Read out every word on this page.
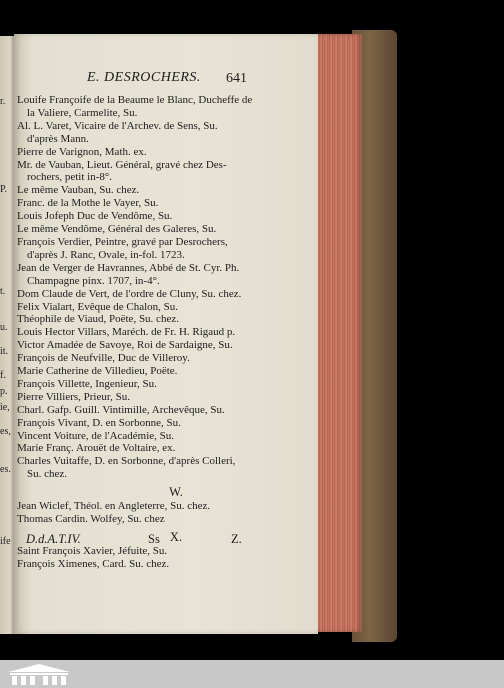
r.
P.
t.
u.
it.
f.
p.
ie,
es,
es.
ife
E. DESROCHERS. 641
Louife Françoife de la Beaume le Blanc, Ducheffe de
la Valiere, Carmelite, Su.
Al. L. Varet, Vicaire de l'Archev. de Sens, Su.
d'après Mann.
Pierre de Varignon, Math. ex.
Mr. de Vauban, Lieut. Général, gravé chez Des-
rochers, petit in-8°.
Le même Vauban, Su. chez.
Franc. de la Mothe le Vayer, Su.
Louis Jofeph Duc de Vendôme, Su.
Le même Vendôme, Général des Galeres, Su.
François Verdier, Peintre, gravé par Desrochers,
d'après J. Ranc, Ovale, in-fol. 1723.
Jean de Verger de Havrannes, Abbé de St. Cyr. Ph.
Champagne pinx. 1707, in-4°.
Dom Claude de Vert, de l'ordre de Cluny, Su. chez.
Felix Vialart, Evêque de Chalon, Su.
Théophile de Viaud, Poëte, Su. chez.
Louis Hector Villars, Maréch. de Fr. H. Rigaud p.
Victor Amadée de Savoye, Roi de Sardaigne, Su.
François de Neufville, Duc de Villeroy.
Marie Catherine de Villedieu, Poëte.
François Villette, Ingenieur, Su.
Pierre Villiers, Prieur, Su.
Charl. Gafp. Guill. Vintimille, Archevêque, Su.
François Vivant, D. en Sorbonne, Su.
Vincent Voiture, de l'Académie, Su.
Marie Franç. Arouët de Voltaire, ex.
Charles Vuitaffe, D. en Sorbonne, d'après Colleri,
Su. chez.
W.
Jean Wiclef, Théol. en Angleterre, Su. chez.
Thomas Cardin. Wolfey, Su. chez
X.
Saint François Xavier, Jéfuite, Su.
François Ximenes, Card. Su. chez.
D.d.A.T.IV.	Ss	Z.
